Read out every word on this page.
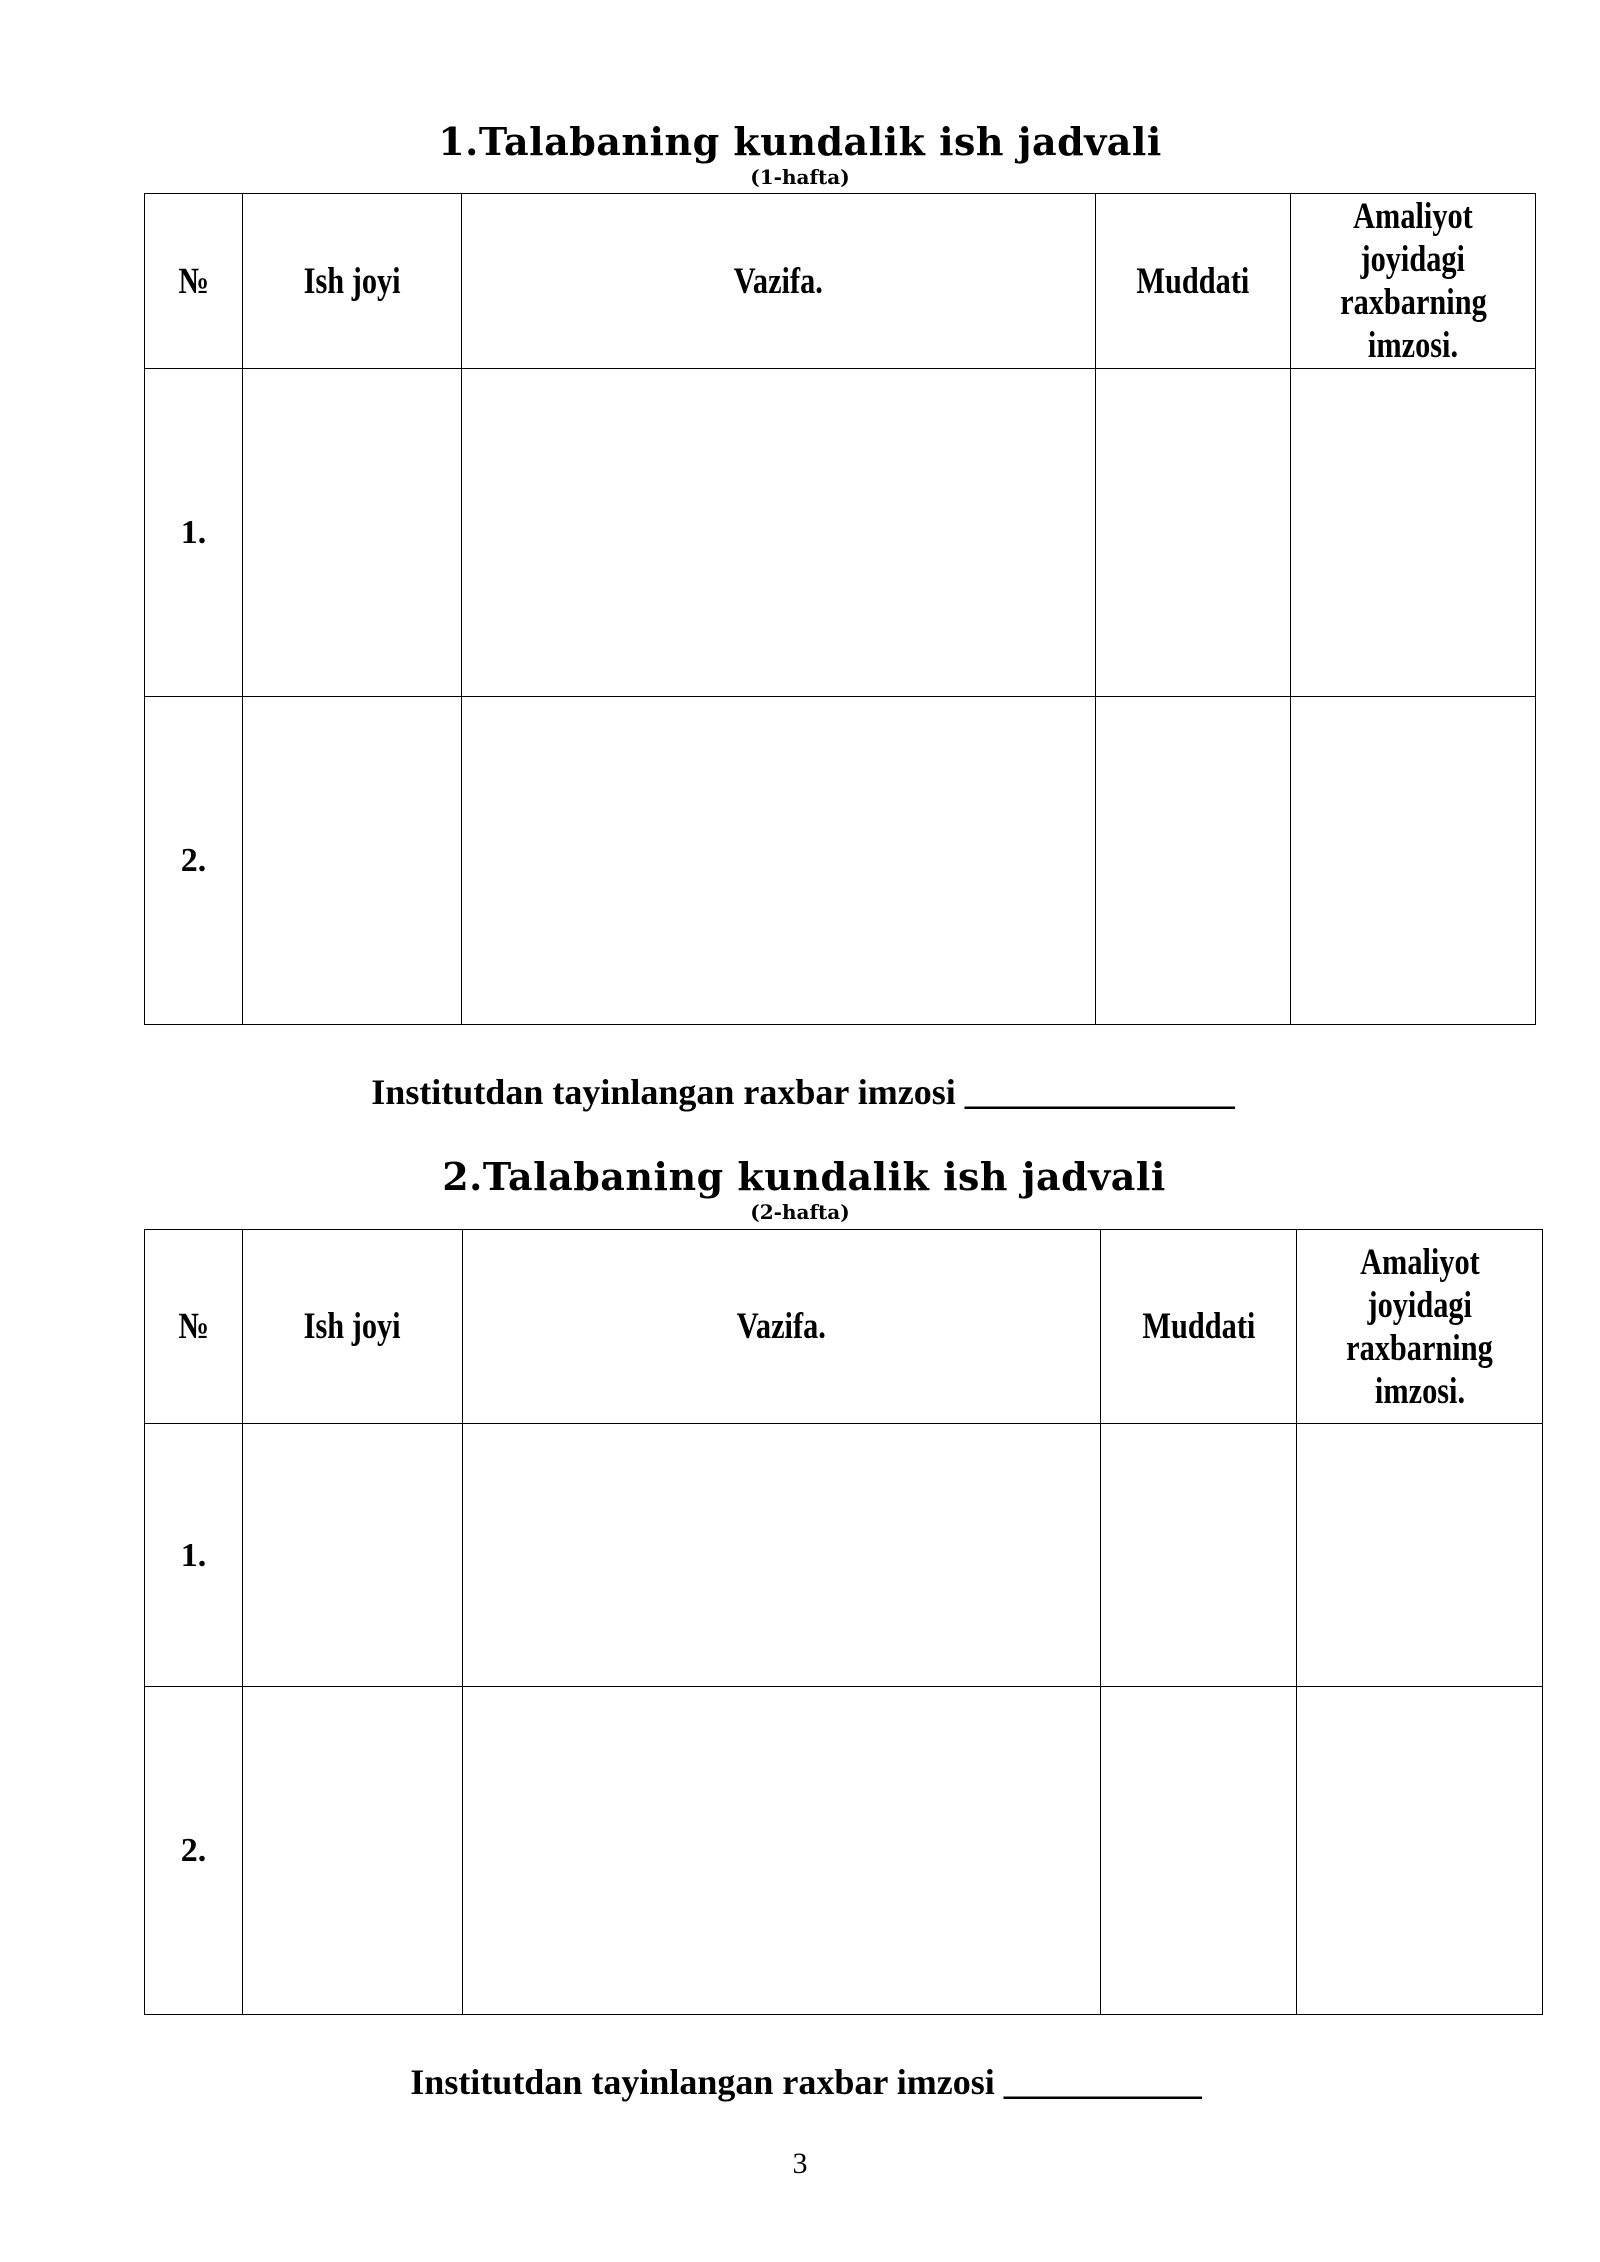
1.Talabaning kundalik ish jadvali
(1-hafta)
№	Ish joyi	Vazifa.	Muddati	Amaliyot
joyidagi
raxbarning
imzosi.
1.				
2.				
Institutdan tayinlangan raxbar imzosi _______________
2.Talabaning kundalik ish jadvali
(2-hafta)
№	Ish joyi	Vazifa.	Muddati	Amaliyot
joyidagi
raxbarning
imzosi.
1.				
2.				
Institutdan tayinlangan raxbar imzosi ___________
3
